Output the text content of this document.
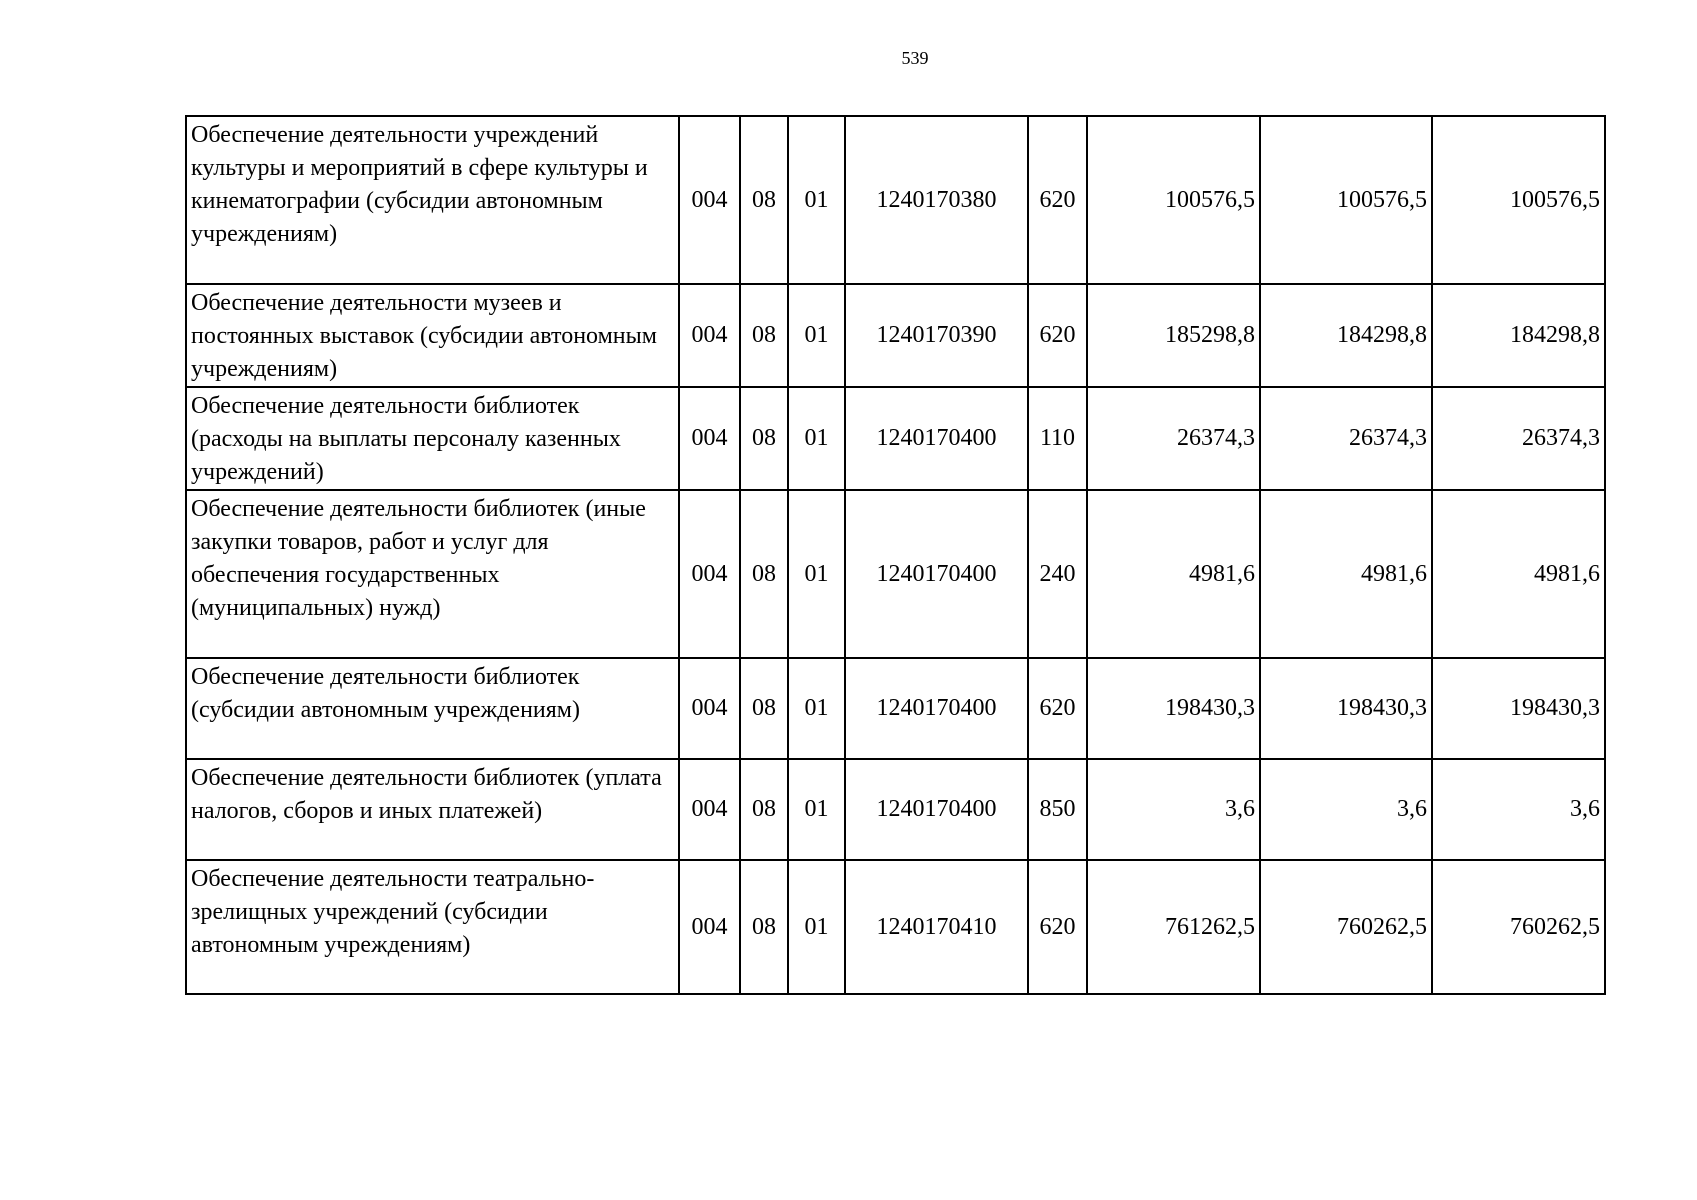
539
Обеспечение деятельности учреждений культуры и мероприятий в сфере культуры и кинематографии (субсидии автономным учреждениям)	004	08	01	1240170380	620	100576,5	100576,5	100576,5
Обеспечение деятельности музеев и постоянных выставок (субсидии автономным учреждениям)	004	08	01	1240170390	620	185298,8	184298,8	184298,8
Обеспечение деятельности библиотек (расходы на выплаты персоналу казенных учреждений)	004	08	01	1240170400	110	26374,3	26374,3	26374,3
Обеспечение деятельности библиотек (иные закупки товаров, работ и услуг для обеспечения государственных (муниципальных) нужд)	004	08	01	1240170400	240	4981,6	4981,6	4981,6
Обеспечение деятельности библиотек (субсидии автономным учреждениям)	004	08	01	1240170400	620	198430,3	198430,3	198430,3
Обеспечение деятельности библиотек (уплата налогов, сборов и иных платежей)	004	08	01	1240170400	850	3,6	3,6	3,6
Обеспечение деятельности театрально-зрелищных учреждений (субсидии автономным учреждениям)	004	08	01	1240170410	620	761262,5	760262,5	760262,5
